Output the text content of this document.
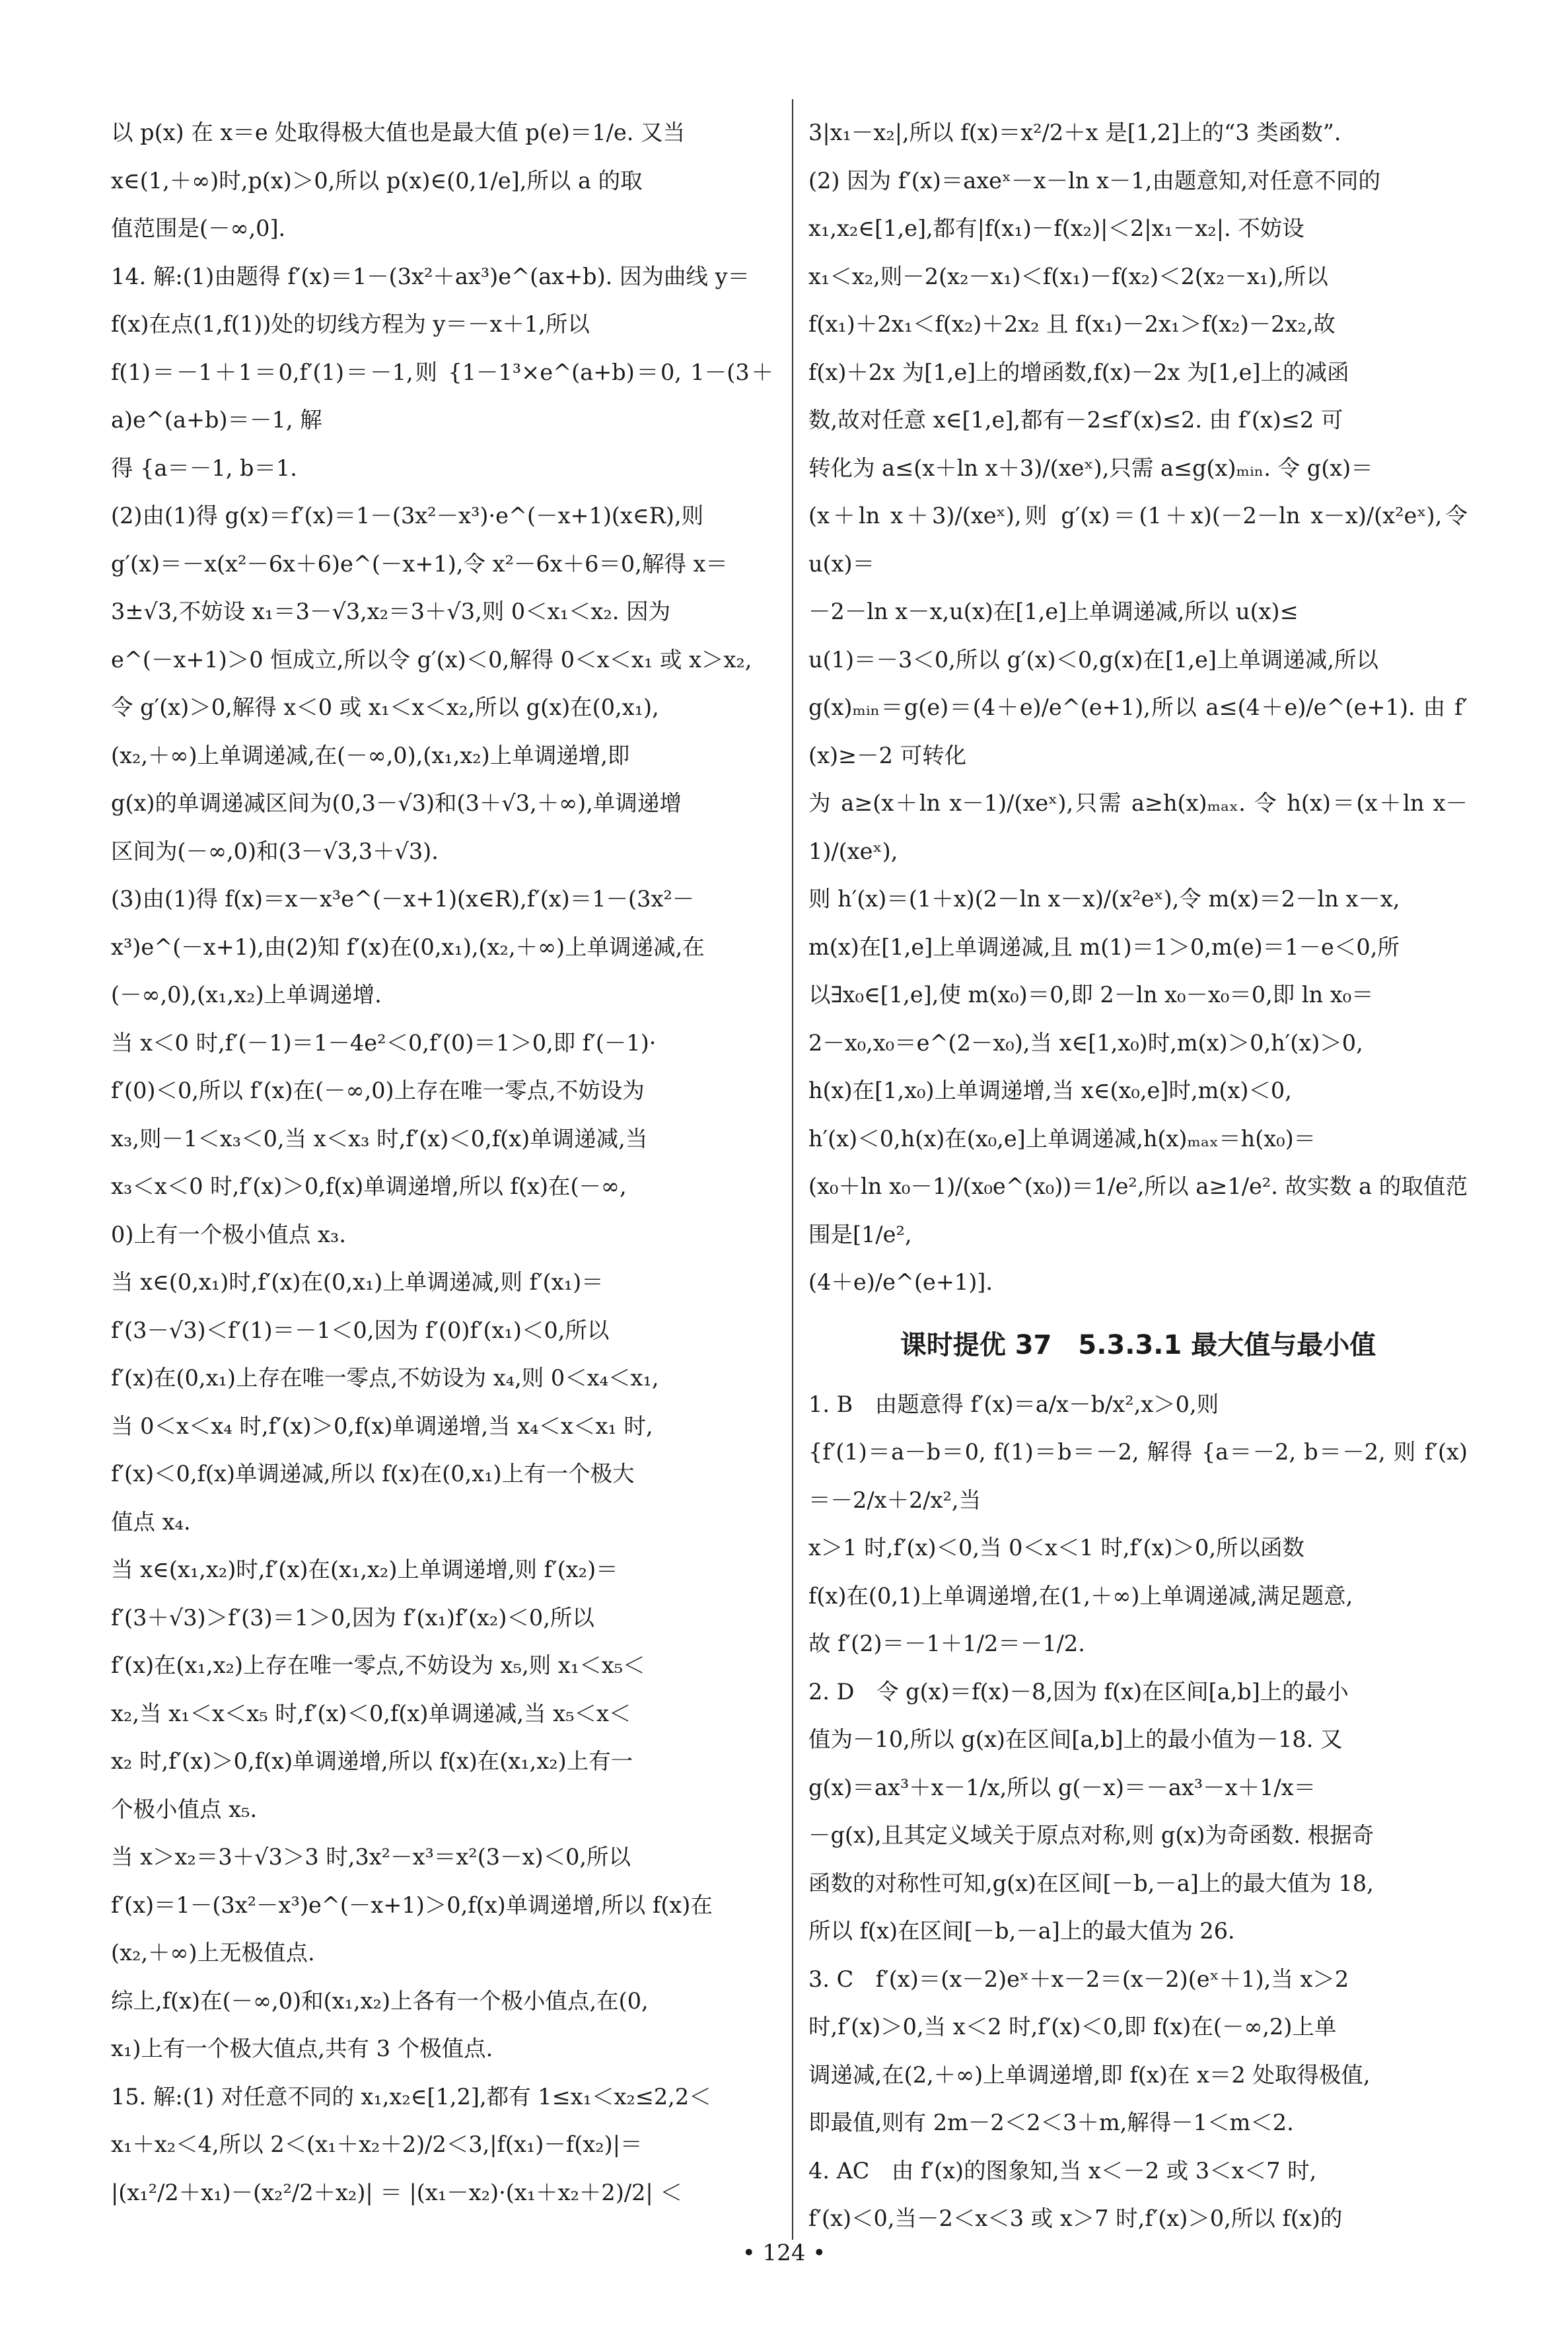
以 p(x) 在 x＝e 处取得极大值也是最大值 p(e)＝1/e. 又当

x∈(1,＋∞)时,p(x)＞0,所以 p(x)∈(0,1/e],所以 a 的取

值范围是(－∞,0].

14. 解:(1)由题得 f′(x)＝1－(3x²＋ax³)e^(ax+b). 因为曲线 y＝

f(x)在点(1,f(1))处的切线方程为 y＝－x＋1,所以

f(1)＝－1＋1＝0,f′(1)＝－1,则 {1－1³×e^(a+b)＝0, 1－(3＋a)e^(a+b)＝－1, 解

得 {a＝－1, b＝1.

(2)由(1)得 g(x)＝f′(x)＝1－(3x²－x³)·e^(－x+1)(x∈R),则

g′(x)＝－x(x²－6x＋6)e^(－x+1),令 x²－6x＋6＝0,解得 x＝

3±√3,不妨设 x₁＝3－√3,x₂＝3＋√3,则 0＜x₁＜x₂. 因为

e^(－x+1)＞0 恒成立,所以令 g′(x)＜0,解得 0＜x＜x₁ 或 x＞x₂,

令 g′(x)＞0,解得 x＜0 或 x₁＜x＜x₂,所以 g(x)在(0,x₁),

(x₂,＋∞)上单调递减,在(－∞,0),(x₁,x₂)上单调递增,即

g(x)的单调递减区间为(0,3－√3)和(3＋√3,＋∞),单调递增

区间为(－∞,0)和(3－√3,3＋√3).

(3)由(1)得 f(x)＝x－x³e^(－x+1)(x∈R),f′(x)＝1－(3x²－

x³)e^(－x+1),由(2)知 f′(x)在(0,x₁),(x₂,＋∞)上单调递减,在

(－∞,0),(x₁,x₂)上单调递增.

当 x＜0 时,f′(－1)＝1－4e²＜0,f′(0)＝1＞0,即 f′(－1)·

f′(0)＜0,所以 f′(x)在(－∞,0)上存在唯一零点,不妨设为

x₃,则－1＜x₃＜0,当 x＜x₃ 时,f′(x)＜0,f(x)单调递减,当

x₃＜x＜0 时,f′(x)＞0,f(x)单调递增,所以 f(x)在(－∞,

0)上有一个极小值点 x₃.

当 x∈(0,x₁)时,f′(x)在(0,x₁)上单调递减,则 f′(x₁)＝

f′(3－√3)＜f′(1)＝－1＜0,因为 f′(0)f′(x₁)＜0,所以

f′(x)在(0,x₁)上存在唯一零点,不妨设为 x₄,则 0＜x₄＜x₁,

当 0＜x＜x₄ 时,f′(x)＞0,f(x)单调递增,当 x₄＜x＜x₁ 时,

f′(x)＜0,f(x)单调递减,所以 f(x)在(0,x₁)上有一个极大

值点 x₄.

当 x∈(x₁,x₂)时,f′(x)在(x₁,x₂)上单调递增,则 f′(x₂)＝

f′(3＋√3)＞f′(3)＝1＞0,因为 f′(x₁)f′(x₂)＜0,所以

f′(x)在(x₁,x₂)上存在唯一零点,不妨设为 x₅,则 x₁＜x₅＜

x₂,当 x₁＜x＜x₅ 时,f′(x)＜0,f(x)单调递减,当 x₅＜x＜

x₂ 时,f′(x)＞0,f(x)单调递增,所以 f(x)在(x₁,x₂)上有一

个极小值点 x₅.

当 x＞x₂＝3＋√3＞3 时,3x²－x³＝x²(3－x)＜0,所以

f′(x)＝1－(3x²－x³)e^(－x+1)＞0,f(x)单调递增,所以 f(x)在

(x₂,＋∞)上无极值点.

综上,f(x)在(－∞,0)和(x₁,x₂)上各有一个极小值点,在(0,

x₁)上有一个极大值点,共有 3 个极值点.

15. 解:(1) 对任意不同的 x₁,x₂∈[1,2],都有 1≤x₁＜x₂≤2,2＜

x₁＋x₂＜4,所以 2＜(x₁＋x₂＋2)/2＜3,|f(x₁)－f(x₂)|＝

|(x₁²/2＋x₁)－(x₂²/2＋x₂)| ＝ |(x₁－x₂)·(x₁＋x₂＋2)/2| ＜

3|x₁－x₂|,所以 f(x)＝x²/2＋x 是[1,2]上的“3 类函数”.

(2) 因为 f′(x)＝axeˣ－x－ln x－1,由题意知,对任意不同的

x₁,x₂∈[1,e],都有|f(x₁)－f(x₂)|＜2|x₁－x₂|. 不妨设

x₁＜x₂,则－2(x₂－x₁)＜f(x₁)－f(x₂)＜2(x₂－x₁),所以

f(x₁)＋2x₁＜f(x₂)＋2x₂ 且 f(x₁)－2x₁＞f(x₂)－2x₂,故

f(x)＋2x 为[1,e]上的增函数,f(x)－2x 为[1,e]上的减函

数,故对任意 x∈[1,e],都有－2≤f′(x)≤2. 由 f′(x)≤2 可

转化为 a≤(x＋ln x＋3)/(xeˣ),只需 a≤g(x)ₘᵢₙ. 令 g(x)＝

(x＋ln x＋3)/(xeˣ),则 g′(x)＝(1＋x)(－2－ln x－x)/(x²eˣ),令 u(x)＝

－2－ln x－x,u(x)在[1,e]上单调递减,所以 u(x)≤

u(1)＝－3＜0,所以 g′(x)＜0,g(x)在[1,e]上单调递减,所以

g(x)ₘᵢₙ＝g(e)＝(4＋e)/e^(e+1),所以 a≤(4＋e)/e^(e+1). 由 f′(x)≥－2 可转化

为 a≥(x＋ln x－1)/(xeˣ),只需 a≥h(x)ₘₐₓ. 令 h(x)＝(x＋ln x－1)/(xeˣ),

则 h′(x)＝(1＋x)(2－ln x－x)/(x²eˣ),令 m(x)＝2－ln x－x,

m(x)在[1,e]上单调递减,且 m(1)＝1＞0,m(e)＝1－e＜0,所

以∃x₀∈[1,e],使 m(x₀)＝0,即 2－ln x₀－x₀＝0,即 ln x₀＝

2－x₀,x₀＝e^(2－x₀),当 x∈[1,x₀)时,m(x)＞0,h′(x)＞0,

h(x)在[1,x₀)上单调递增,当 x∈(x₀,e]时,m(x)＜0,

h′(x)＜0,h(x)在(x₀,e]上单调递减,h(x)ₘₐₓ＝h(x₀)＝

(x₀＋ln x₀－1)/(x₀e^(x₀))＝1/e²,所以 a≥1/e². 故实数 a 的取值范围是[1/e²,

(4＋e)/e^(e+1)].

课时提优 37　5.3.3.1 最大值与最小值

1. B　由题意得 f′(x)＝a/x－b/x²,x＞0,则

{f′(1)＝a－b＝0, f(1)＝b＝－2, 解得 {a＝－2, b＝－2, 则 f′(x)＝－2/x＋2/x²,当

x＞1 时,f′(x)＜0,当 0＜x＜1 时,f′(x)＞0,所以函数

f(x)在(0,1)上单调递增,在(1,＋∞)上单调递减,满足题意,

故 f′(2)＝－1＋1/2＝－1/2.

2. D　令 g(x)＝f(x)－8,因为 f(x)在区间[a,b]上的最小

值为－10,所以 g(x)在区间[a,b]上的最小值为－18. 又

g(x)＝ax³＋x－1/x,所以 g(－x)＝－ax³－x＋1/x＝

－g(x),且其定义域关于原点对称,则 g(x)为奇函数. 根据奇

函数的对称性可知,g(x)在区间[－b,－a]上的最大值为 18,

所以 f(x)在区间[－b,－a]上的最大值为 26.

3. C　f′(x)＝(x－2)eˣ＋x－2＝(x－2)(eˣ＋1),当 x＞2

时,f′(x)＞0,当 x＜2 时,f′(x)＜0,即 f(x)在(－∞,2)上单

调递减,在(2,＋∞)上单调递增,即 f(x)在 x＝2 处取得极值,

即最值,则有 2m－2＜2＜3＋m,解得－1＜m＜2.

4. AC　由 f′(x)的图象知,当 x＜－2 或 3＜x＜7 时,

f′(x)＜0,当－2＜x＜3 或 x＞7 时,f′(x)＞0,所以 f(x)的

• 124 •
